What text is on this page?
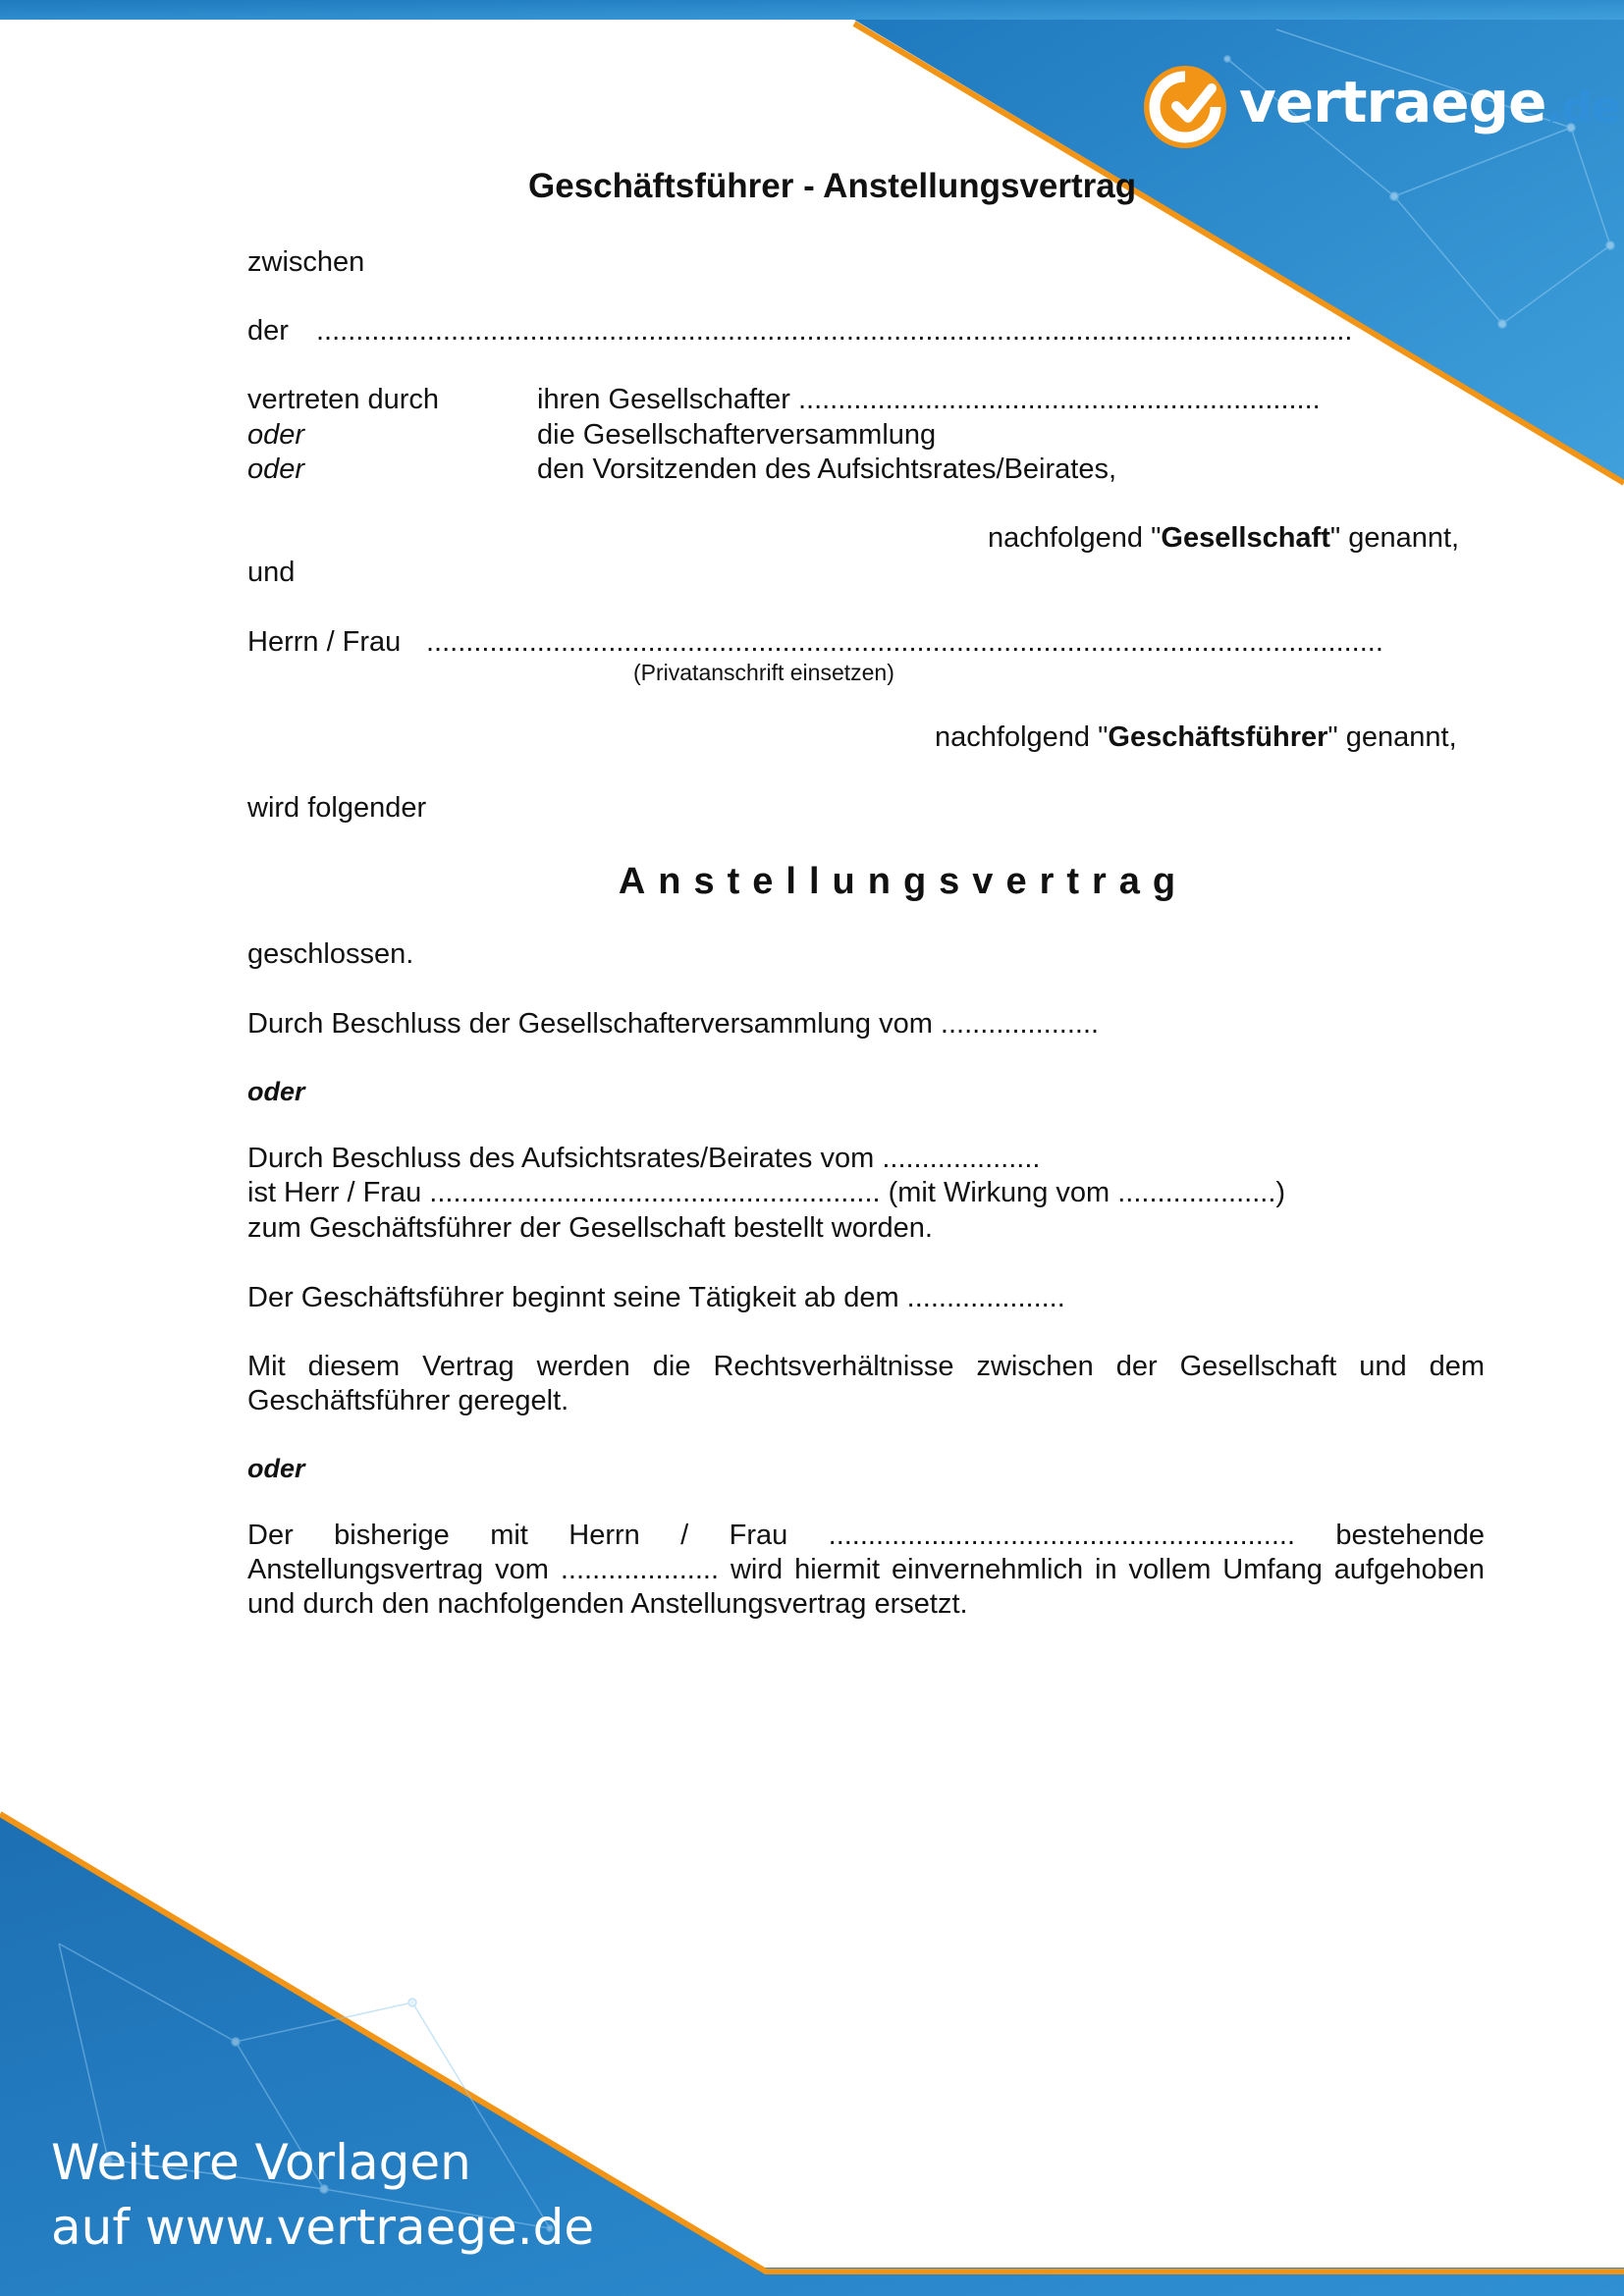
vertraege.de
Geschäftsführer - Anstellungsvertrag
zwischen
der ...................................................................................................................................
vertreten durch	ihren Gesellschafter ..................................................................
oder	die Gesellschafterversammlung
oder	den Vorsitzenden des Aufsichtsrates/Beirates,
nachfolgend "Gesellschaft" genannt,
und
Herrn / Frau .........................................................................................................................
(Privatanschrift einsetzen)
nachfolgend "Geschäftsführer" genannt,
wird folgender
Anstellungsvertrag
geschlossen.
Durch Beschluss der Gesellschafterversammlung vom ....................
oder
Durch Beschluss des Aufsichtsrates/Beirates vom ....................
ist Herr / Frau ......................................................... (mit Wirkung vom ....................)
zum Geschäftsführer der Gesellschaft bestellt worden.
Der Geschäftsführer beginnt seine Tätigkeit ab dem ....................
Mit diesem Vertrag werden die Rechtsverhältnisse zwischen der Gesellschaft und dem Geschäftsführer geregelt.
oder
Der bisherige mit Herrn / Frau ........................................................... bestehende Anstellungsvertrag vom .................... wird hiermit einvernehmlich in vollem Umfang aufgehoben und durch den nachfolgenden Anstellungsvertrag ersetzt.
Weitere Vorlagen
auf www.vertraege.de
